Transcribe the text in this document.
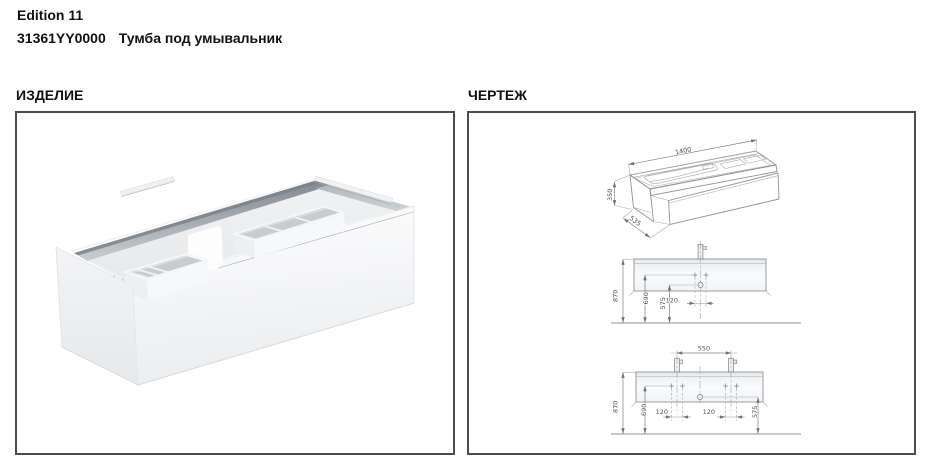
Edition 11
31361YY0000 Тумба под умывальник
ИЗДЕЛИЕ	ЧЕРТЕЖ
1400
350
535
870	690 575
120
550
870	690 120	120	575
